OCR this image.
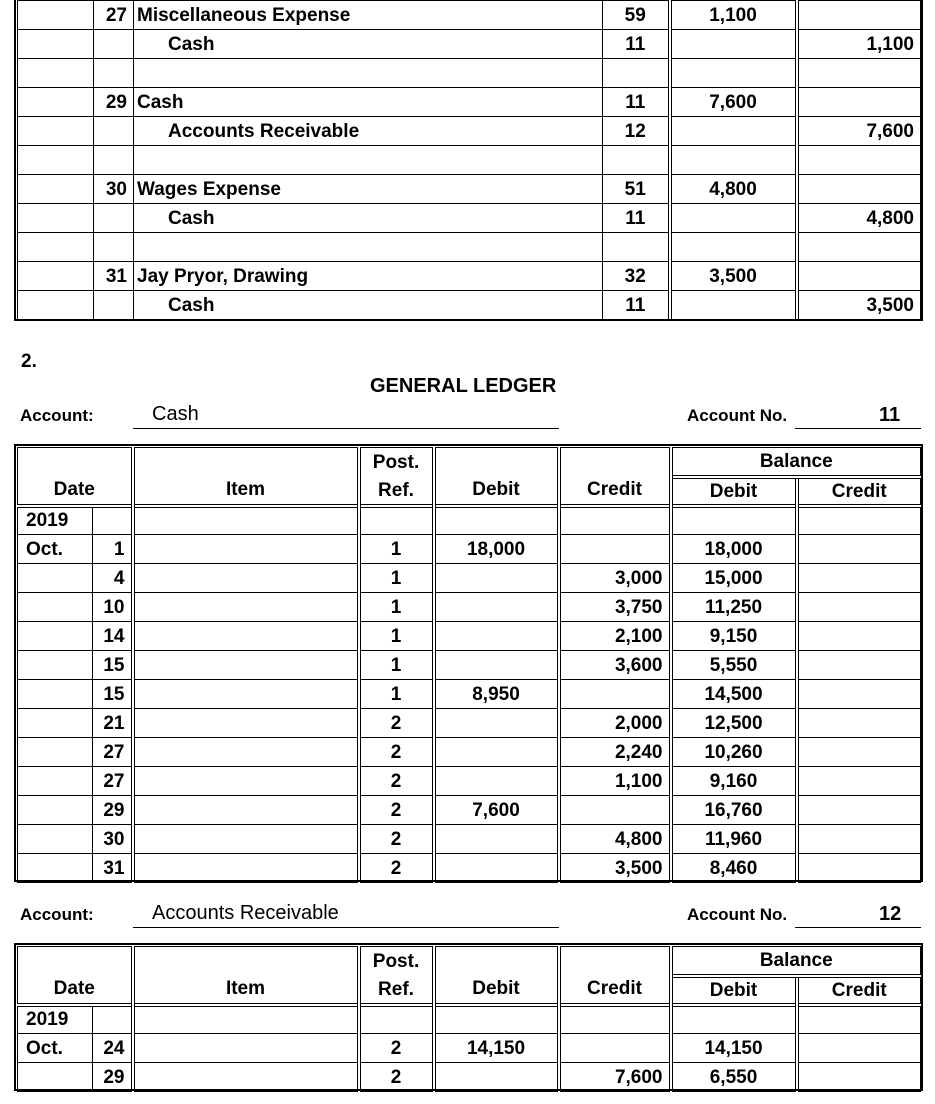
	27	Miscellaneous Expense	59	1,100	
		Cash	11		1,100

	29	Cash	11	7,600	
		Accounts Receivable	12		7,600

	30	Wages Expense	51	4,800	
		Cash	11		4,800

	31	Jay Pryor, Drawing	32	3,500	
		Cash	11		3,500
2.
GENERAL LEDGER
Account:	Cash	Account No.	11
Date		Item	Post.	Debit	Credit	Balance	
			Ref.			Debit	Credit
2019							
Oct.	1		1	18,000		18,000	
	4		1		3,000	15,000	
	10		1		3,750	11,250	
	14		1		2,100	9,150	
	15		1		3,600	5,550	
	15		1	8,950		14,500	
	21		2		2,000	12,500	
	27		2		2,240	10,260	
	27		2		1,100	9,160	
	29		2	7,600		16,760	
	30		2		4,800	11,960	
	31		2		3,500	8,460	
Account:	Accounts Receivable	Account No.	12
Date		Item	Post.	Debit	Credit	Balance	
			Ref.			Debit	Credit
2019							
Oct.	24		2	14,150		14,150	
	29		2		7,600	6,550	
